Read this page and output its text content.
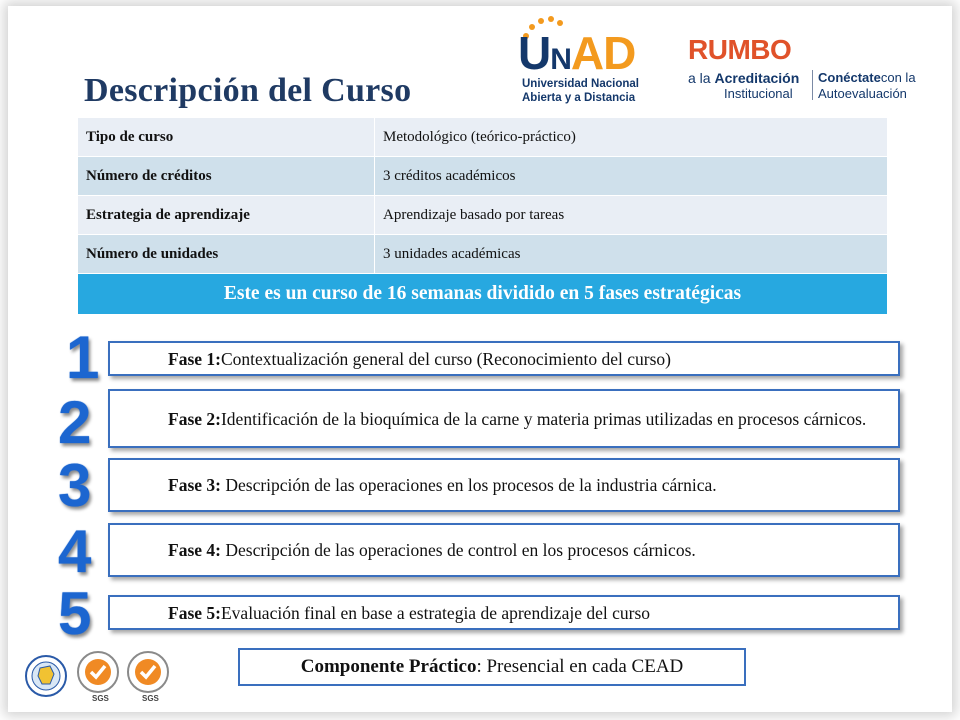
UNAD
Universidad Nacional
Abierta y a Distancia
RUMBO
a la Acreditación
Institucional
Conéctatecon la
Autoevaluación
Descripción del Curso
Tipo de curso	Metodológico (teórico-práctico)
Número de créditos	3 créditos académicos
Estrategia de aprendizaje	Aprendizaje basado por tareas
Número de unidades	3 unidades académicas
Este es un curso de 16 semanas dividido en 5 fases estratégicas	
Fase 1:Contextualización general del curso (Reconocimiento del curso)
Fase 2:Identificación de la bioquímica de la carne y materia primas utilizadas en procesos cárnicos.
Fase 3: Descripción de las operaciones en los procesos de la industria cárnica.
Fase 4: Descripción de las operaciones de control en los procesos cárnicos.
Fase 5:Evaluación final en base a estrategia de aprendizaje del curso
1
2
3
4
5
Componente Práctico: Presencial en cada CEAD
SGS	SGS
